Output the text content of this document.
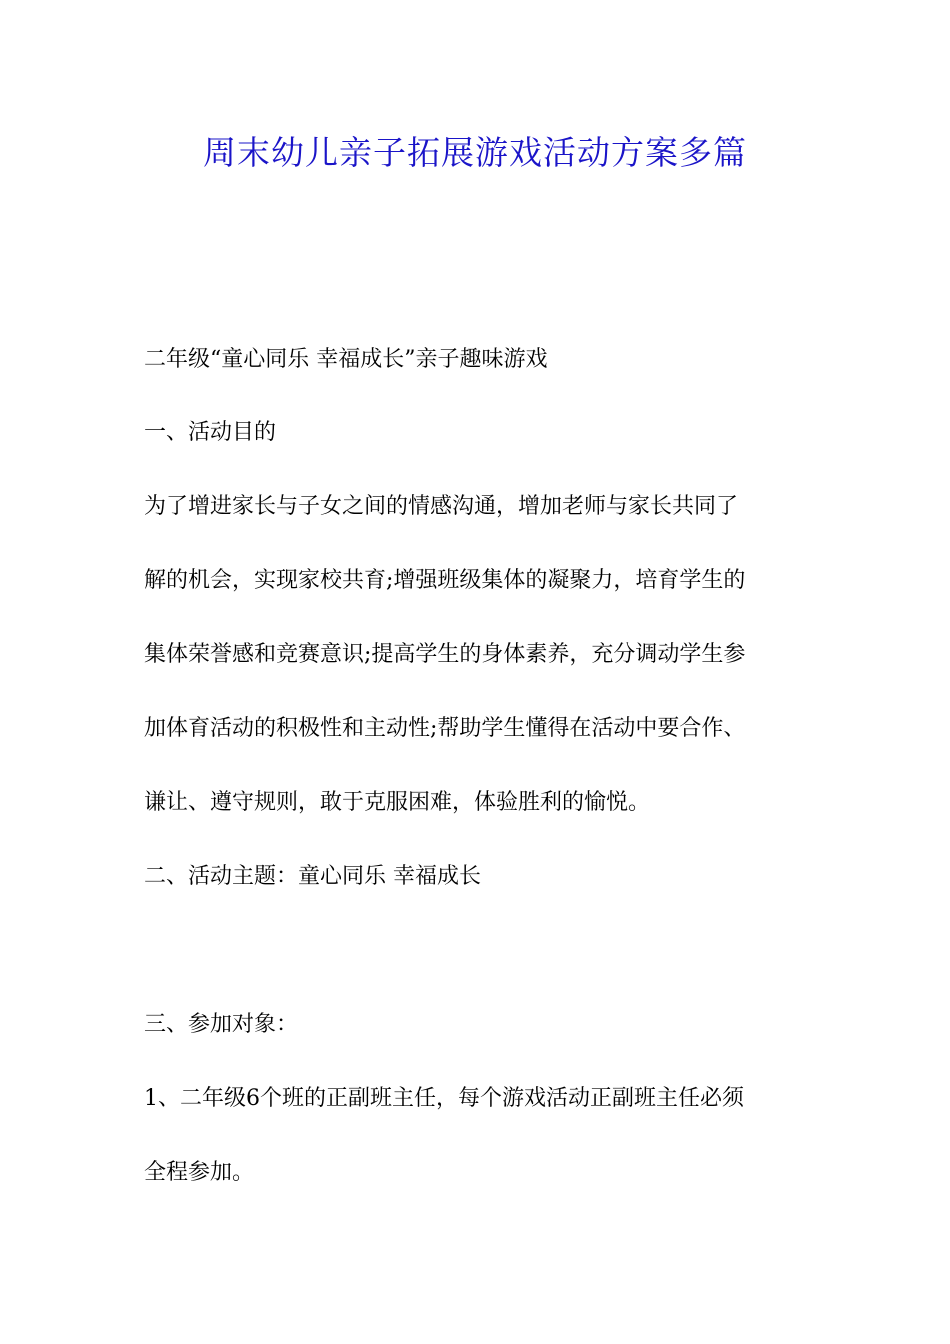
周末幼儿亲子拓展游戏活动方案多篇
二年级“童心同乐 幸福成长”亲子趣味游戏
一、活动目的
为了增进家长与子女之间的情感沟通，增加老师与家长共同了
解的机会，实现家校共育;增强班级集体的凝聚力，培育学生的
集体荣誉感和竞赛意识;提高学生的身体素养，充分调动学生参
加体育活动的积极性和主动性;帮助学生懂得在活动中要合作、
谦让、遵守规则，敢于克服困难，体验胜利的愉悦。
二、活动主题：童心同乐 幸福成长
三、参加对象：
1、二年级6个班的正副班主任，每个游戏活动正副班主任必须
全程参加。
